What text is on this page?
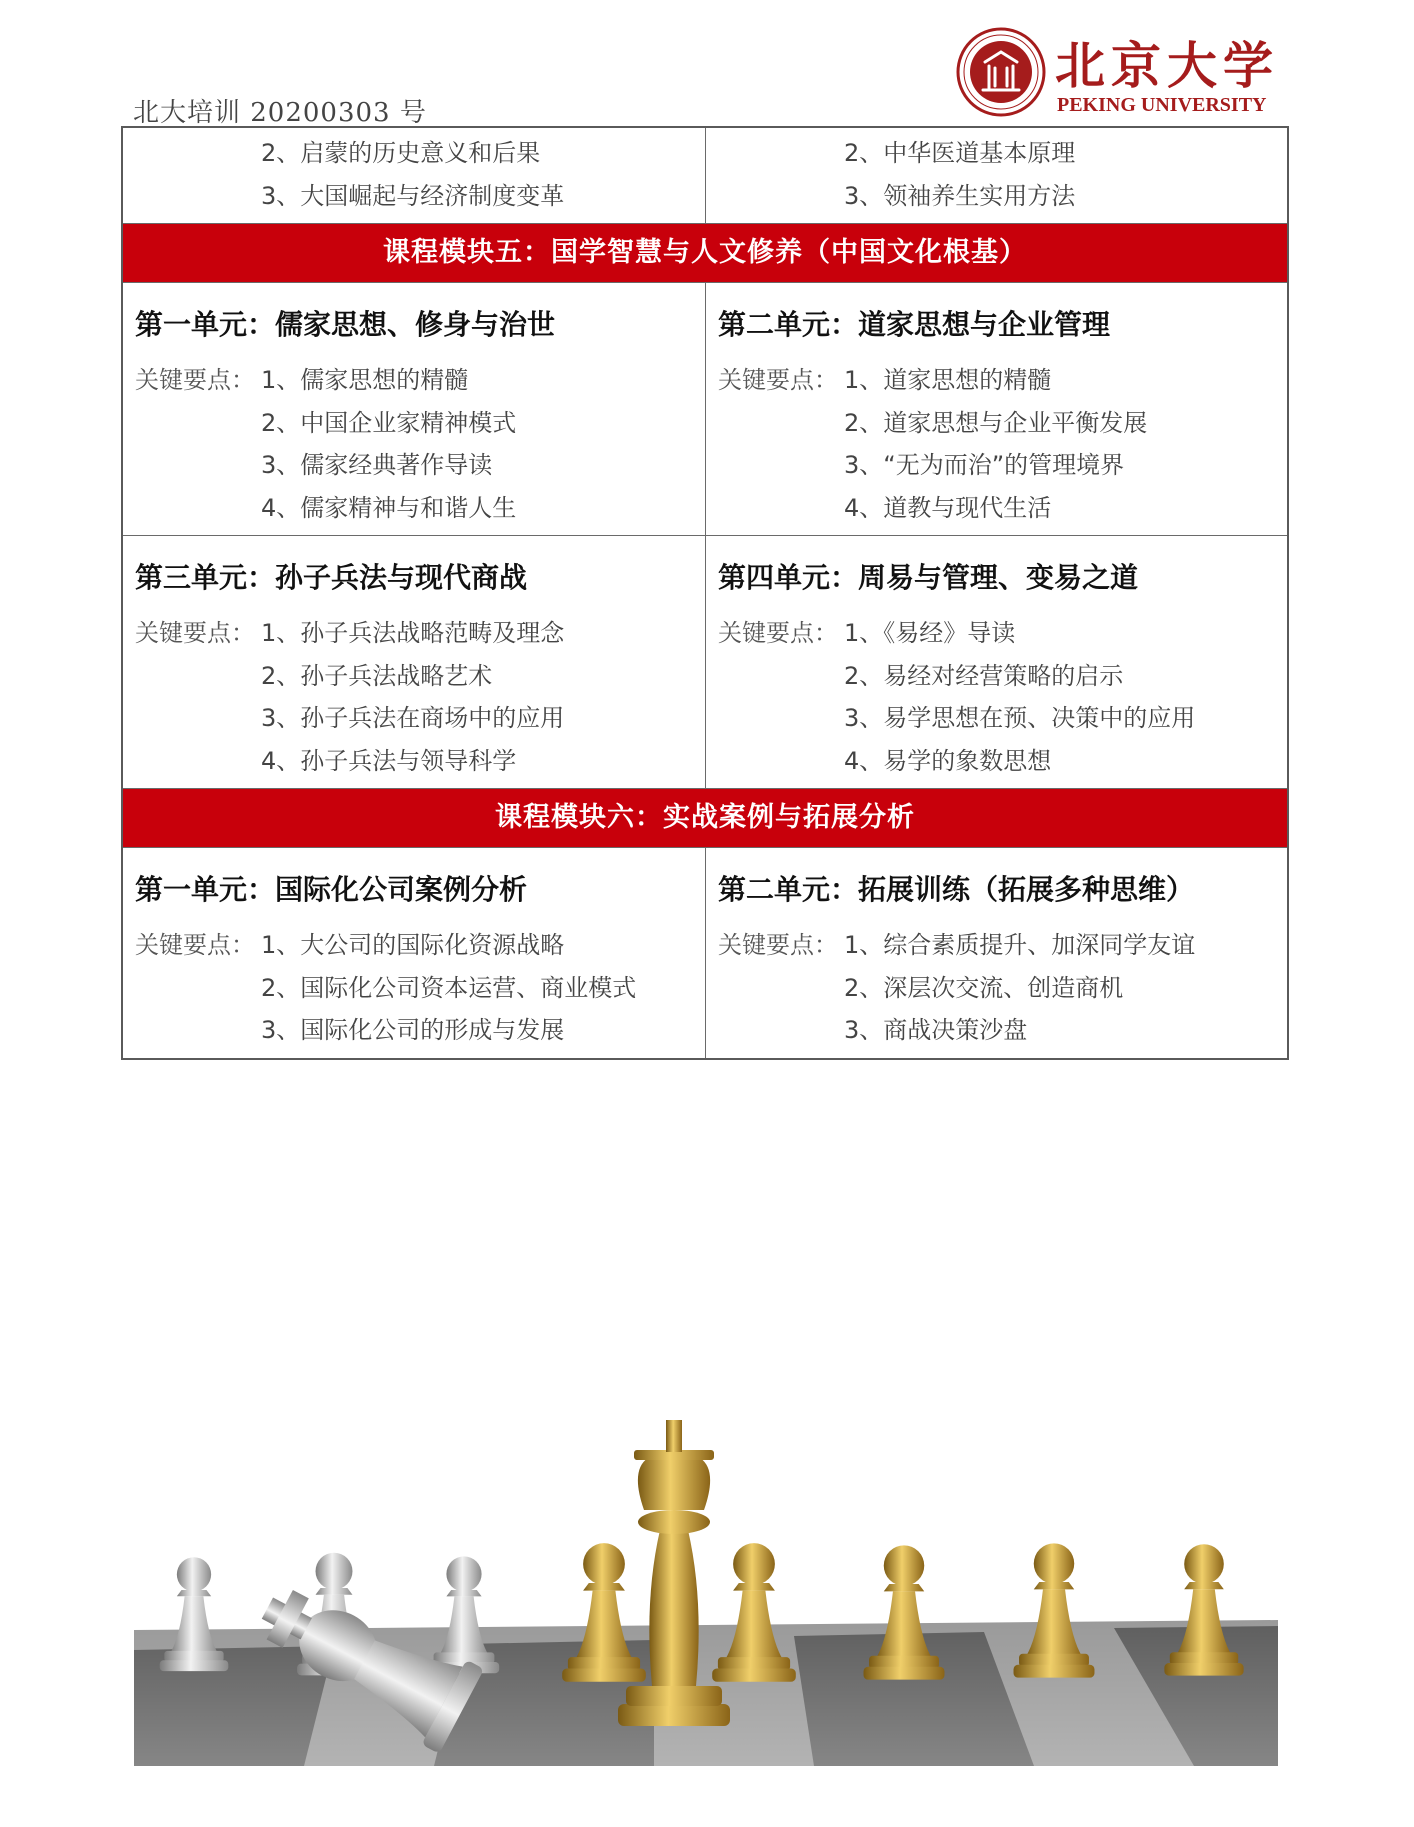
北大培训 20200303 号
北京大学
PEKING UNIVERSITY
2、启蒙的历史意义和后果
3、大国崛起与经济制度变革
2、中华医道基本原理
3、领袖养生实用方法
课程模块五：国学智慧与人文修养（中国文化根基）
第一单元：儒家思想、修身与治世
关键要点： 1、儒家思想的精髓
2、中国企业家精神模式
3、儒家经典著作导读
4、儒家精神与和谐人生
第二单元：道家思想与企业管理
关键要点： 1、道家思想的精髓
2、道家思想与企业平衡发展
3、“无为而治”的管理境界
4、道教与现代生活
第三单元：孙子兵法与现代商战
关键要点： 1、孙子兵法战略范畴及理念
2、孙子兵法战略艺术
3、孙子兵法在商场中的应用
4、孙子兵法与领导科学
第四单元：周易与管理、变易之道
关键要点： 1、《易经》导读
2、易经对经营策略的启示
3、易学思想在预、决策中的应用
4、易学的象数思想
课程模块六：实战案例与拓展分析
第一单元：国际化公司案例分析
关键要点： 1、大公司的国际化资源战略
2、国际化公司资本运营、商业模式
3、国际化公司的形成与发展
第二单元：拓展训练（拓展多种思维）
关键要点： 1、综合素质提升、加深同学友谊
2、深层次交流、创造商机
3、商战决策沙盘
